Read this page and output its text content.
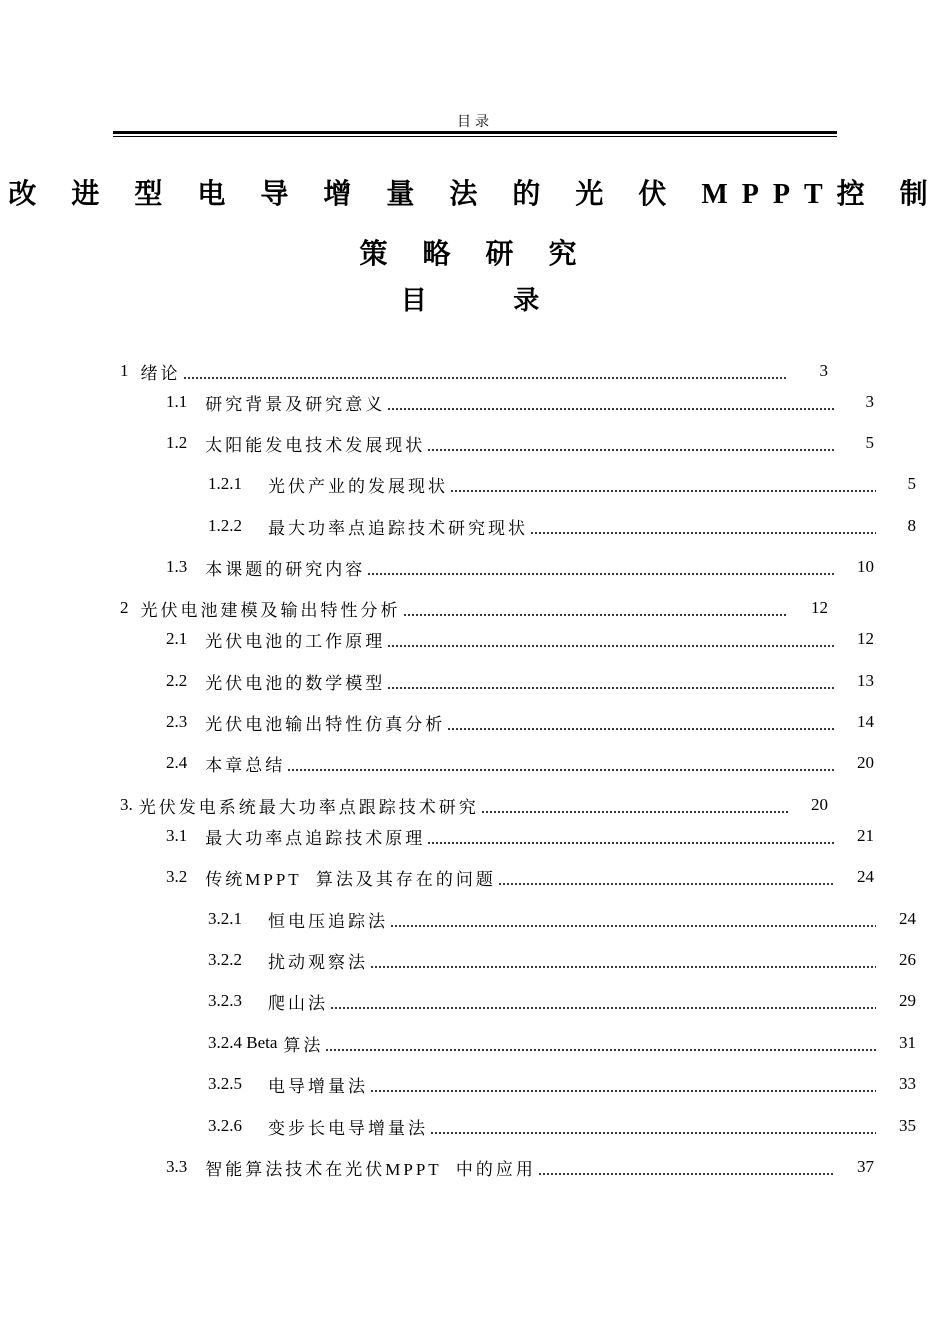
目录
改 进 型 电 导 增 量 法 的 光 伏 MPPT控 制
策 略 研 究
目 录
1 绪论	3
1.1 研究背景及研究意义	3
1.2 太阳能发电技术发展现状	5
1.2.1 光伏产业的发展现状	5
1.2.2 最大功率点追踪技术研究现状	8
1.3 本课题的研究内容	10
2 光伏电池建模及输出特性分析	12
2.1 光伏电池的工作原理	12
2.2 光伏电池的数学模型	13
2.3 光伏电池输出特性仿真分析	14
2.4 本章总结	20
3. 光伏发电系统最大功率点跟踪技术研究	20
3.1 最大功率点追踪技术原理	21
3.2 传统MPPT  算法及其存在的问题	24
3.2.1 恒电压追踪法	24
3.2.2 扰动观察法	26
3.2.3 爬山法	29
3.2.4 Beta 算法	31
3.2.5 电导增量法	33
3.2.6 变步长电导增量法	35
3.3 智能算法技术在光伏MPPT  中的应用	37
